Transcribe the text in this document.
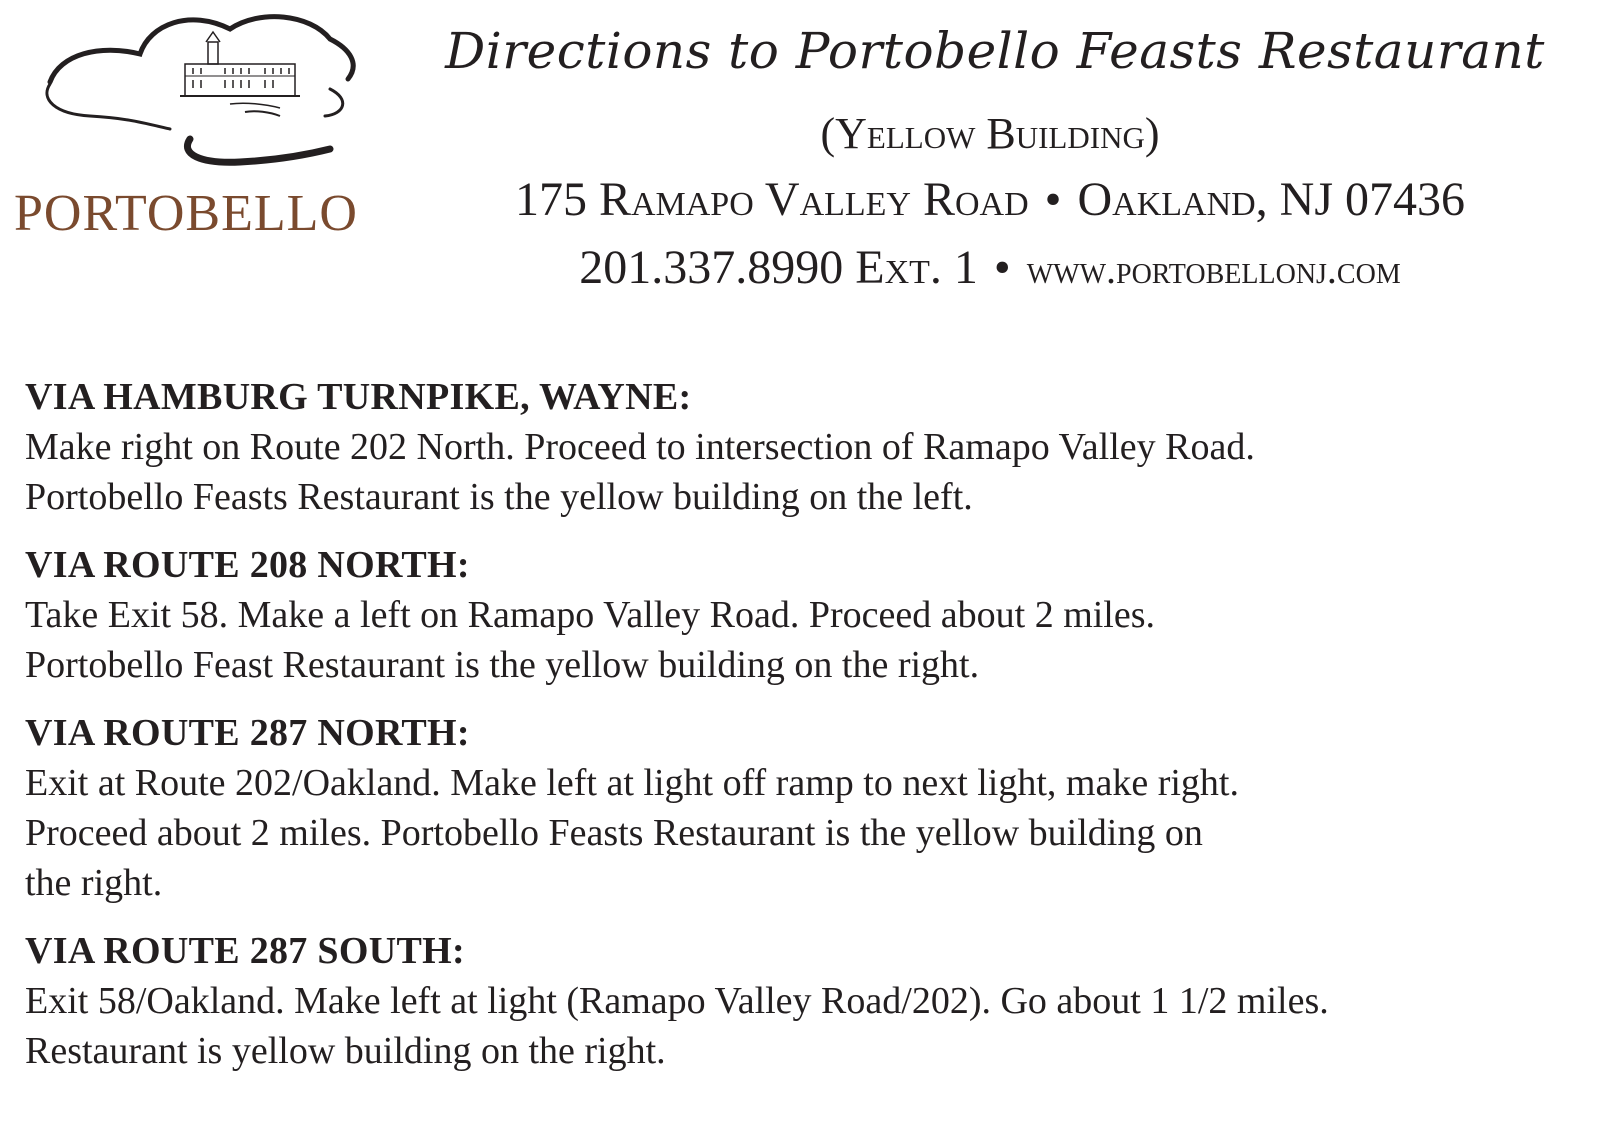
PORTOBELLO
Directions to Portobello Feasts Restaurant
(Yellow Building)
175 Ramapo Valley Road • Oakland, NJ 07436
201.337.8990 Ext. 1 • www.portobellonj.com
VIA HAMBURG TURNPIKE, WAYNE:
Make right on Route 202 North. Proceed to intersection of Ramapo Valley Road.
Portobello Feasts Restaurant is the yellow building on the left.
VIA ROUTE 208 NORTH:
Take Exit 58. Make a left on Ramapo Valley Road. Proceed about 2 miles.
Portobello Feast Restaurant is the yellow building on the right.
VIA ROUTE 287 NORTH:
Exit at Route 202/Oakland. Make left at light off ramp to next light, make right.
Proceed about 2 miles. Portobello Feasts Restaurant is the yellow building on
the right.
VIA ROUTE 287 SOUTH:
Exit 58/Oakland. Make left at light (Ramapo Valley Road/202). Go about 1 1/2 miles.
Restaurant is yellow building on the right.
